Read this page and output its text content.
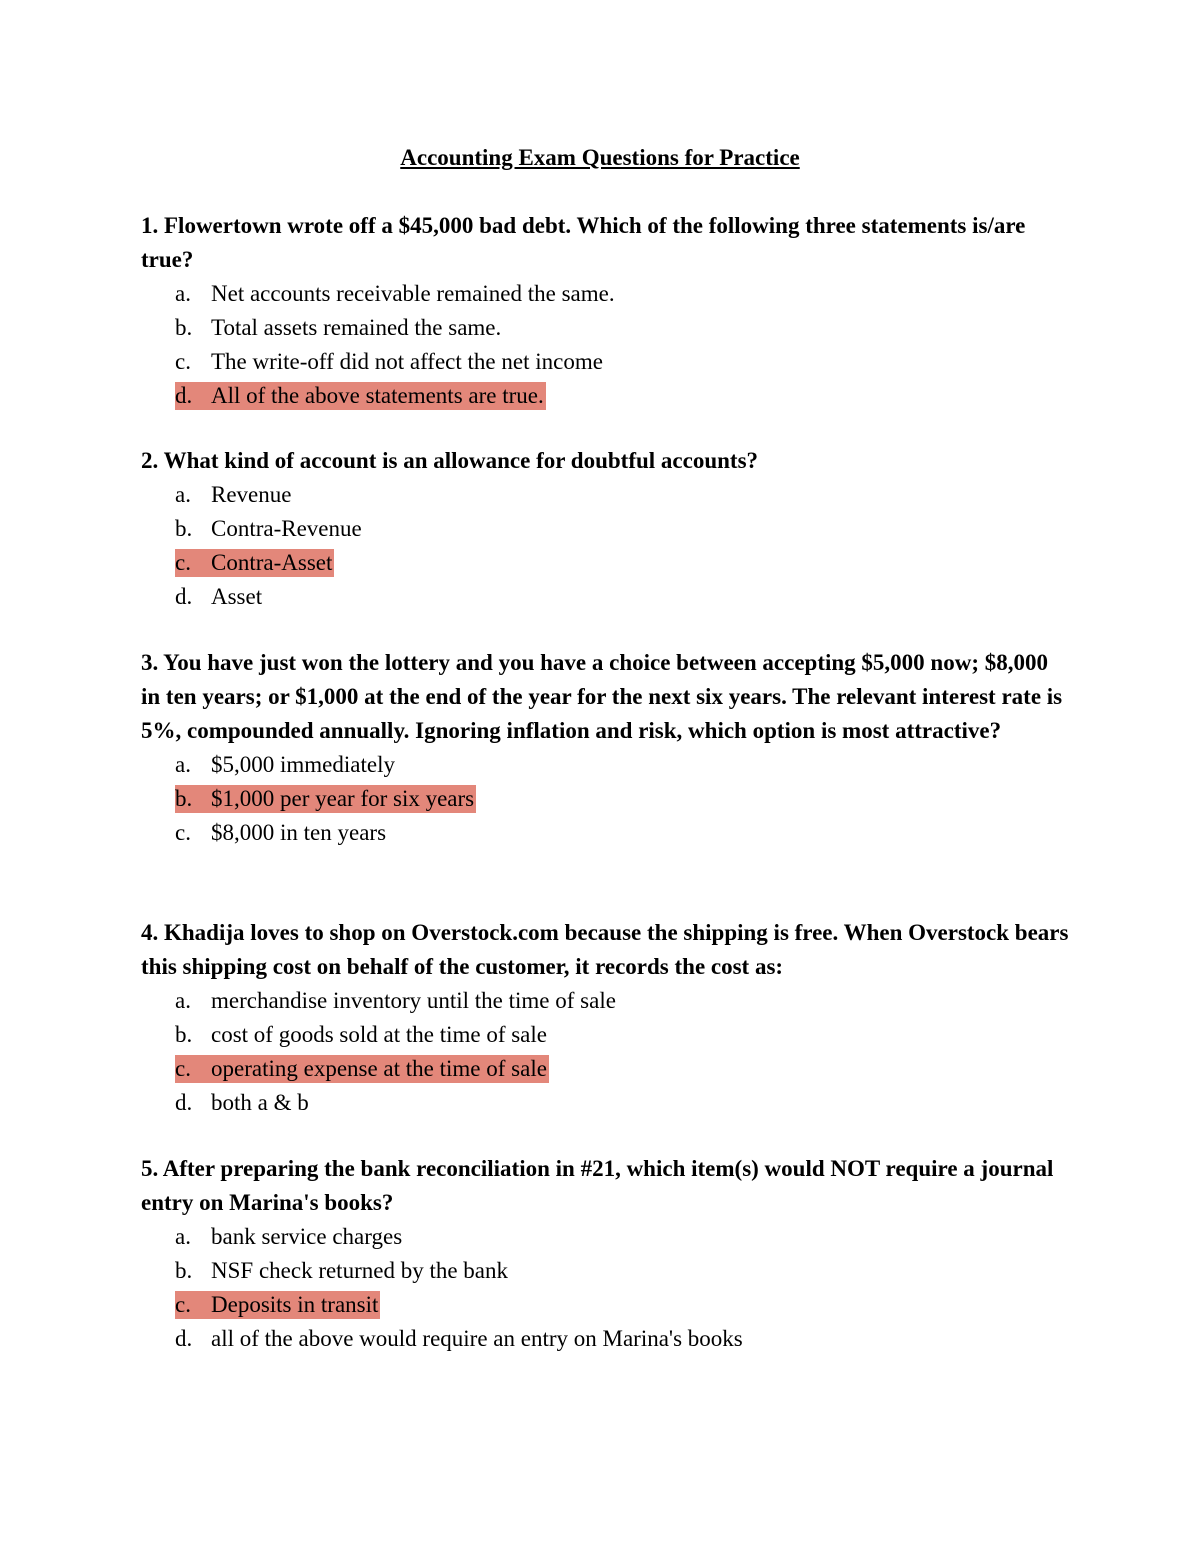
Accounting Exam Questions for Practice

1. Flowertown wrote off a $45,000 bad debt. Which of the following three statements is/are true?

a. Net accounts receivable remained the same.
b. Total assets remained the same.
c. The write-off did not affect the net income
d. All of the above statements are true.

2. What kind of account is an allowance for doubtful accounts?

a. Revenue
b. Contra-Revenue
c. Contra-Asset
d. Asset

3. You have just won the lottery and you have a choice between accepting $5,000 now; $8,000 in ten years; or $1,000 at the end of the year for the next six years. The relevant interest rate is 5%, compounded annually. Ignoring inflation and risk, which option is most attractive?

a. $5,000 immediately
b. $1,000 per year for six years
c. $8,000 in ten years

4. Khadija loves to shop on Overstock.com because the shipping is free. When Overstock bears this shipping cost on behalf of the customer, it records the cost as:

a. merchandise inventory until the time of sale
b. cost of goods sold at the time of sale
c. operating expense at the time of sale
d. both a & b

5. After preparing the bank reconciliation in #21, which item(s) would NOT require a journal entry on Marina's books?

a. bank service charges
b. NSF check returned by the bank
c. Deposits in transit
d. all of the above would require an entry on Marina's books
